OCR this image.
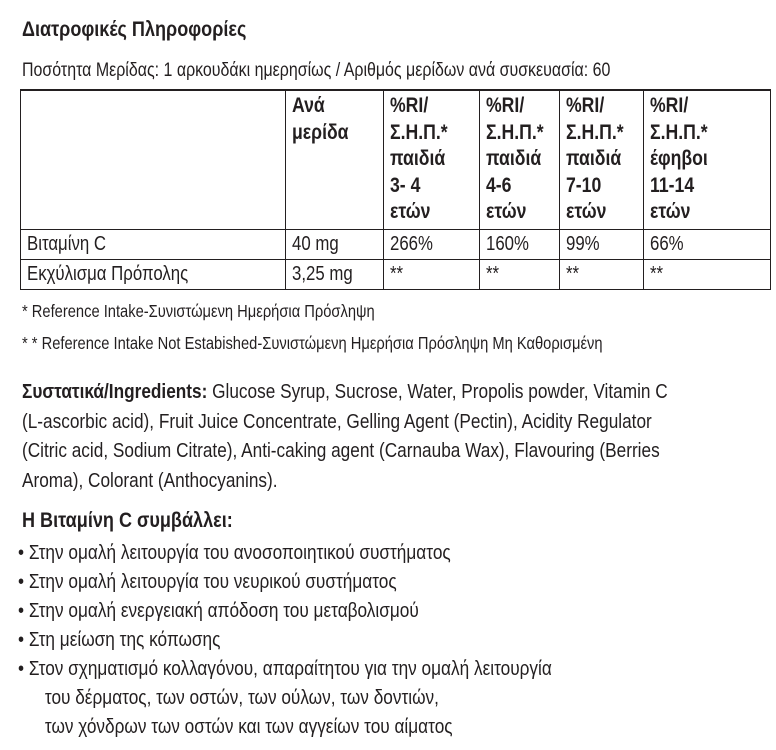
Διατροφικές Πληροφορίες
Ποσότητα Μερίδας: 1 αρκουδάκι ημερησίως / Αριθμός μερίδων ανά συσκευασία: 60

	Ανά
μερίδα	%RI/
Σ.Η.Π.*
παιδιά
3- 4
ετών	%RI/
Σ.Η.Π.*
παιδιά
4-6
ετών	%RI/
Σ.Η.Π.*
παιδιά
7-10
ετών	%RI/
Σ.Η.Π.*
έφηβοι
11-14
ετών

Βιταμίνη C	40 mg	266%	160%	99%	66%
Εκχύλισμα Πρόπολης	3,25 mg	**	**	**	**
* Reference Intake-Συνιστώμενη Ημερήσια Πρόσληψη
* * Reference Intake Not Estabished-Συνιστώμενη Ημερήσια Πρόσληψη Μη Καθορισμένη
Συστατικά/Ingredients: Glucose Syrup, Sucrose, Water, Propolis powder, Vitamin C
(L-ascorbic acid), Fruit Juice Concentrate, Gelling Agent (Pectin), Acidity Regulator
(Citric acid, Sodium Citrate), Anti-caking agent (Carnauba Wax), Flavouring (Berries
Aroma), Colorant (Anthocyanins).
Η Βιταμίνη C συμβάλλει:
• Στην ομαλή λειτουργία του ανοσοποιητικού συστήματος
• Στην ομαλή λειτουργία του νευρικού συστήματος
• Στην ομαλή ενεργειακή απόδοση του μεταβολισμού
• Στη μείωση της κόπωσης
• Στον σχηματισμό κολλαγόνου, απαραίτητου για την ομαλή λειτουργία
του δέρματος, των οστών, των ούλων, των δοντιών,
των χόνδρων των οστών και των αγγείων του αίματος
